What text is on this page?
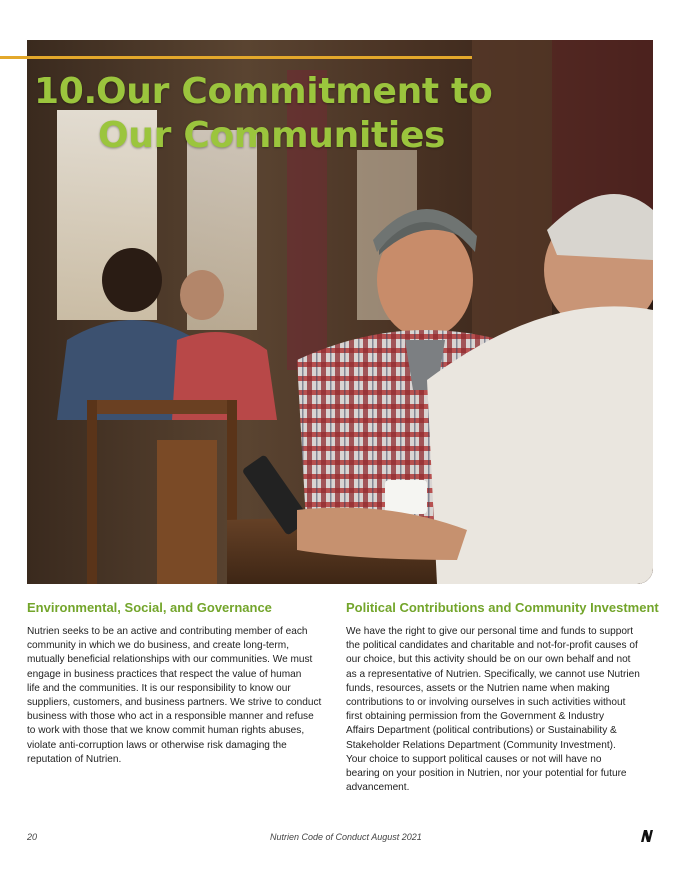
10.Our Commitment to
Our Communities
Environmental, Social, and Governance

Nutrien seeks to be an active and contributing member of each
community in which we do business, and create long-term,
mutually beneficial relationships with our communities. We must
engage in business practices that respect the value of human
life and the communities. It is our responsibility to know our
suppliers, customers, and business partners. We strive to conduct
business with those who act in a responsible manner and refuse
to work with those that we know commit human rights abuses,
violate anti-corruption laws or otherwise risk damaging the
reputation of Nutrien.

Political Contributions and Community Investment

We have the right to give our personal time and funds to support
the political candidates and charitable and not-for-profit causes of
our choice, but this activity should be on our own behalf and not
as a representative of Nutrien. Specifically, we cannot use Nutrien
funds, resources, assets or the Nutrien name when making
contributions to or involving ourselves in such activities without
first obtaining permission from the Government & Industry
Affairs Department (political contributions) or Sustainability &
Stakeholder Relations Department (Community Investment).
Your choice to support political causes or not will have no
bearing on your position in Nutrien, nor your potential for future
advancement.

20	Nutrien Code of Conduct August 2021
